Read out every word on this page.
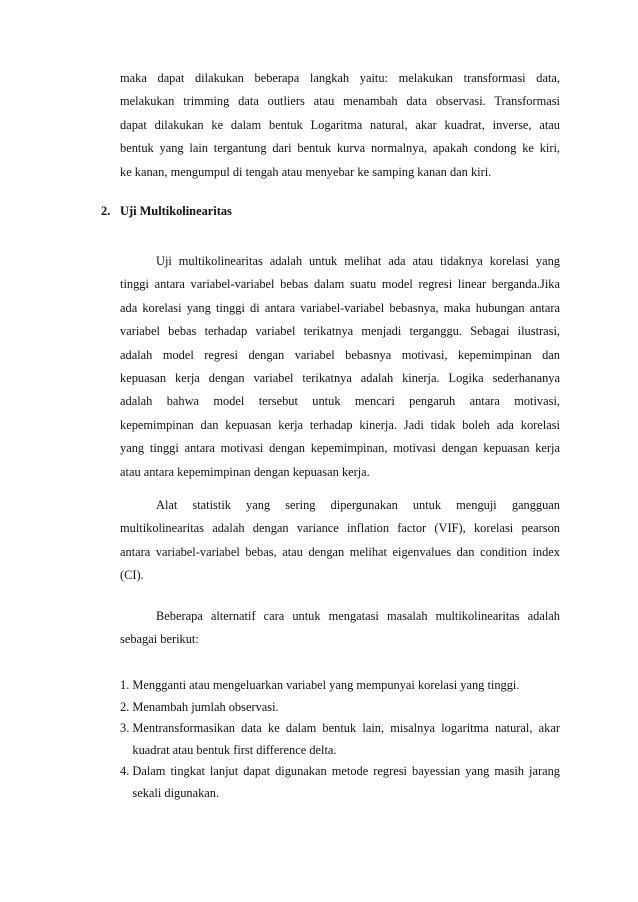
maka dapat dilakukan beberapa langkah yaitu: melakukan transformasi data,

melakukan trimming data outliers atau menambah data observasi. Transformasi

dapat dilakukan ke dalam bentuk Logaritma natural, akar kuadrat, inverse, atau

bentuk yang lain tergantung dari bentuk kurva normalnya, apakah condong ke kiri,

ke kanan, mengumpul di tengah atau menyebar ke samping kanan dan kiri.

2. Uji Multikolinearitas

Uji multikolinearitas adalah untuk melihat ada atau tidaknya korelasi yang

tinggi antara variabel-variabel bebas dalam suatu model regresi linear berganda.Jika

ada korelasi yang tinggi di antara variabel-variabel bebasnya, maka hubungan antara

variabel bebas terhadap variabel terikatnya menjadi terganggu. Sebagai ilustrasi,

adalah model regresi dengan variabel bebasnya motivasi, kepemimpinan dan

kepuasan kerja dengan variabel terikatnya adalah kinerja. Logika sederhananya

adalah bahwa model tersebut untuk mencari pengaruh antara motivasi,

kepemimpinan dan kepuasan kerja terhadap kinerja. Jadi tidak boleh ada korelasi

yang tinggi antara motivasi dengan kepemimpinan, motivasi dengan kepuasan kerja

atau antara kepemimpinan dengan kepuasan kerja.

Alat statistik yang sering dipergunakan untuk menguji gangguan

multikolinearitas adalah dengan variance inflation factor (VIF), korelasi pearson

antara variabel-variabel bebas, atau dengan melihat eigenvalues dan condition index

(CI).

Beberapa alternatif cara untuk mengatasi masalah multikolinearitas adalah

sebagai berikut:

1. Mengganti atau mengeluarkan variabel yang mempunyai korelasi yang tinggi.
2. Menambah jumlah observasi.
3. Mentransformasikan data ke dalam bentuk lain, misalnya logaritma natural, akar
kuadrat atau bentuk first difference delta.
4. Dalam tingkat lanjut dapat digunakan metode regresi bayessian yang masih jarang
sekali digunakan.
